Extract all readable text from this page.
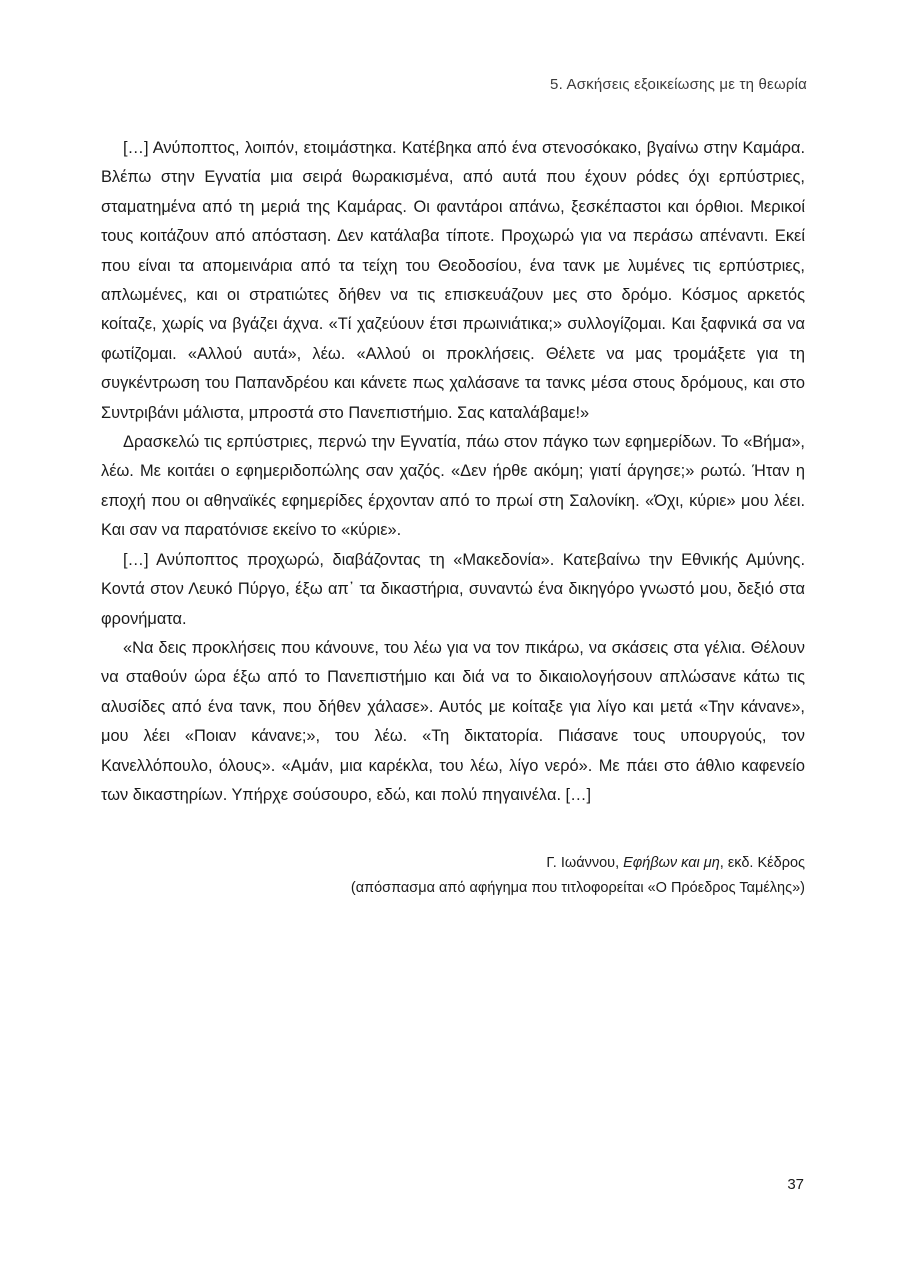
5. Ασκήσεις εξοικείωσης με τη θεωρία

[…] Ανύποπτος, λοιπόν, ετοιμάστηκα. Κατέβηκα από ένα στενοσόκακο, βγαίνω στην Καμάρα. Βλέπω στην Εγνατία μια σειρά θωρακισμένα, από αυτά που έχουν ρόdες όχι ερπύστριες, σταματημένα από τη μεριά της Καμάρας. Οι φαντάροι απάνω, ξεσκέπαστοι και όρθιοι. Μερικοί τους κοιτάζουν από απόσταση. Δεν κατάλαβα τίποτε. Προχωρώ για να περάσω απέναντι. Εκεί που είναι τα απομεινάρια από τα τείχη του Θεοδοσίου, ένα τανκ με λυμένες τις ερπύστριες, απλωμένες, και οι στρατιώτες δήθεν να τις επισκευάζουν μες στο δρόμο. Κόσμος αρκετός κοίταζε, χωρίς να βγάζει άχνα. «Τί χαζεύουν έτσι πρωινιάτικα;» συλλογίζομαι. Και ξαφνικά σα να φωτίζομαι. «Αλλού αυτά», λέω. «Αλλού οι προκλήσεις. Θέλετε να μας τρομάξετε για τη συγκέντρωση του Παπανδρέου και κάνετε πως χαλάσανε τα τανκς μέσα στους δρόμους, και στο Συντριβάνι μάλιστα, μπροστά στο Πανεπιστήμιο. Σας καταλάβαμε!»

Δρασκελώ τις ερπύστριες, περνώ την Εγνατία, πάω στον πάγκο των εφημερίδων. Το «Βήμα», λέω. Με κοιτάει ο εφημεριδοπώλης σαν χαζός. «Δεν ήρθε ακόμη; γιατί άργησε;» ρωτώ. Ήταν η εποχή που οι αθηναϊκές εφημερίδες έρχονταν από το πρωί στη Σαλονίκη. «Όχι, κύριε» μου λέει. Και σαν να παρατόνισε εκείνο το «κύριε».

[…] Ανύποπτος προχωρώ, διαβάζοντας τη «Μακεδονία». Κατεβαίνω την Εθνικής Αμύνης. Κοντά στον Λευκό Πύργο, έξω απ᾽ τα δικαστήρια, συναντώ ένα δικηγόρο γνωστό μου, δεξιό στα φρονήματα.

«Να δεις προκλήσεις που κάνουνε, του λέω για να τον πικάρω, να σκάσεις στα γέλια. Θέλουν να σταθούν ώρα έξω από το Πανεπιστήμιο και διά να το δικαιολογήσουν απλώσανε κάτω τις αλυσίδες από ένα τανκ, που δήθεν χάλασε». Αυτός με κοίταξε για λίγο και μετά «Την κάνανε», μου λέει «Ποιαν κάνανε;», του λέω. «Τη δικτατορία. Πιάσανε τους υπουργούς, τον Κανελλόπουλο, όλους». «Αμάν, μια καρέκλα, του λέω, λίγο νερό». Με πάει στο άθλιο καφενείο των δικαστηρίων. Υπήρχε σούσουρο, εδώ, και πολύ πηγαινέλα. […]

Γ. Ιωάννου, Εφήβων και μη, εκδ. Κέδρος
(απόσπασμα από αφήγημα που τιτλοφορείται «Ο Πρόεδρος Ταμέλης»)
37
